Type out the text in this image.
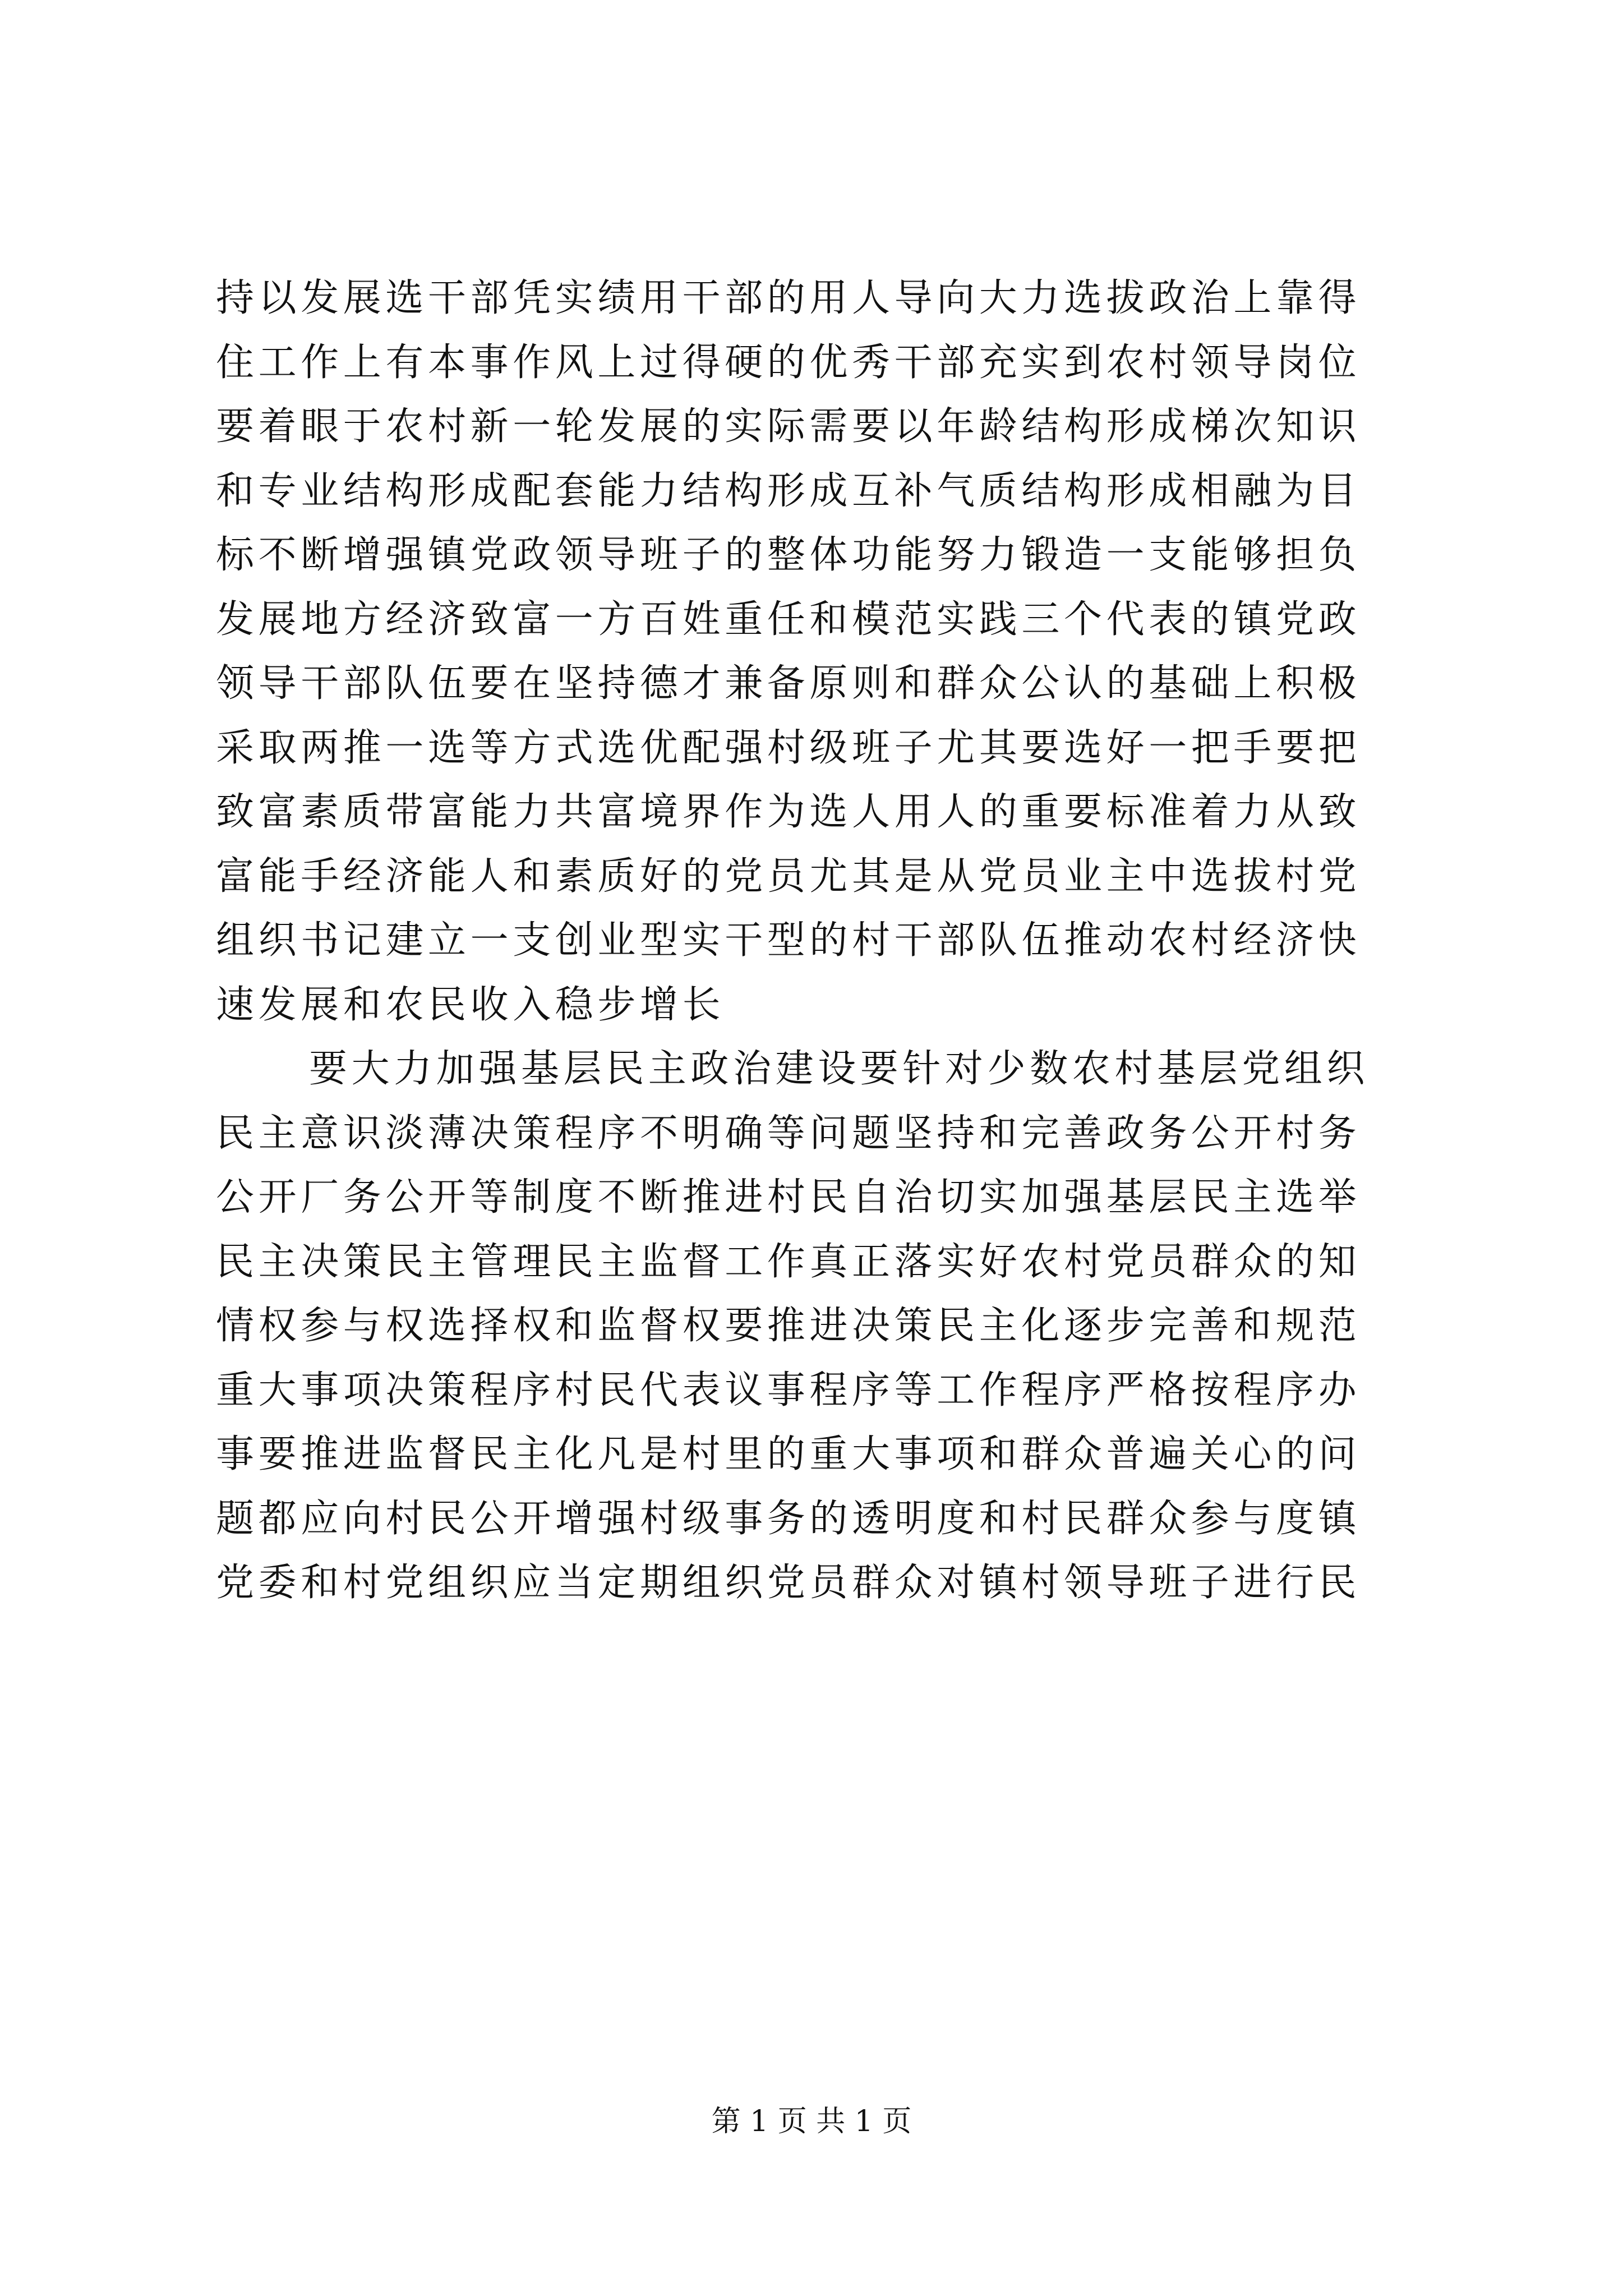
持以发展选干部凭实绩用干部的用人导向大力选拔政治上靠得
住工作上有本事作风上过得硬的优秀干部充实到农村领导岗位
要着眼于农村新一轮发展的实际需要以年龄结构形成梯次知识
和专业结构形成配套能力结构形成互补气质结构形成相融为目
标不断增强镇党政领导班子的整体功能努力锻造一支能够担负
发展地方经济致富一方百姓重任和模范实践三个代表的镇党政
领导干部队伍要在坚持德才兼备原则和群众公认的基础上积极
采取两推一选等方式选优配强村级班子尤其要选好一把手要把
致富素质带富能力共富境界作为选人用人的重要标准着力从致
富能手经济能人和素质好的党员尤其是从党员业主中选拔村党
组织书记建立一支创业型实干型的村干部队伍推动农村经济快
速发展和农民收入稳步增长
要大力加强基层民主政治建设要针对少数农村基层党组织
民主意识淡薄决策程序不明确等问题坚持和完善政务公开村务
公开厂务公开等制度不断推进村民自治切实加强基层民主选举
民主决策民主管理民主监督工作真正落实好农村党员群众的知
情权参与权选择权和监督权要推进决策民主化逐步完善和规范
重大事项决策程序村民代表议事程序等工作程序严格按程序办
事要推进监督民主化凡是村里的重大事项和群众普遍关心的问
题都应向村民公开增强村级事务的透明度和村民群众参与度镇
党委和村党组织应当定期组织党员群众对镇村领导班子进行民
第 1 页 共 1 页
